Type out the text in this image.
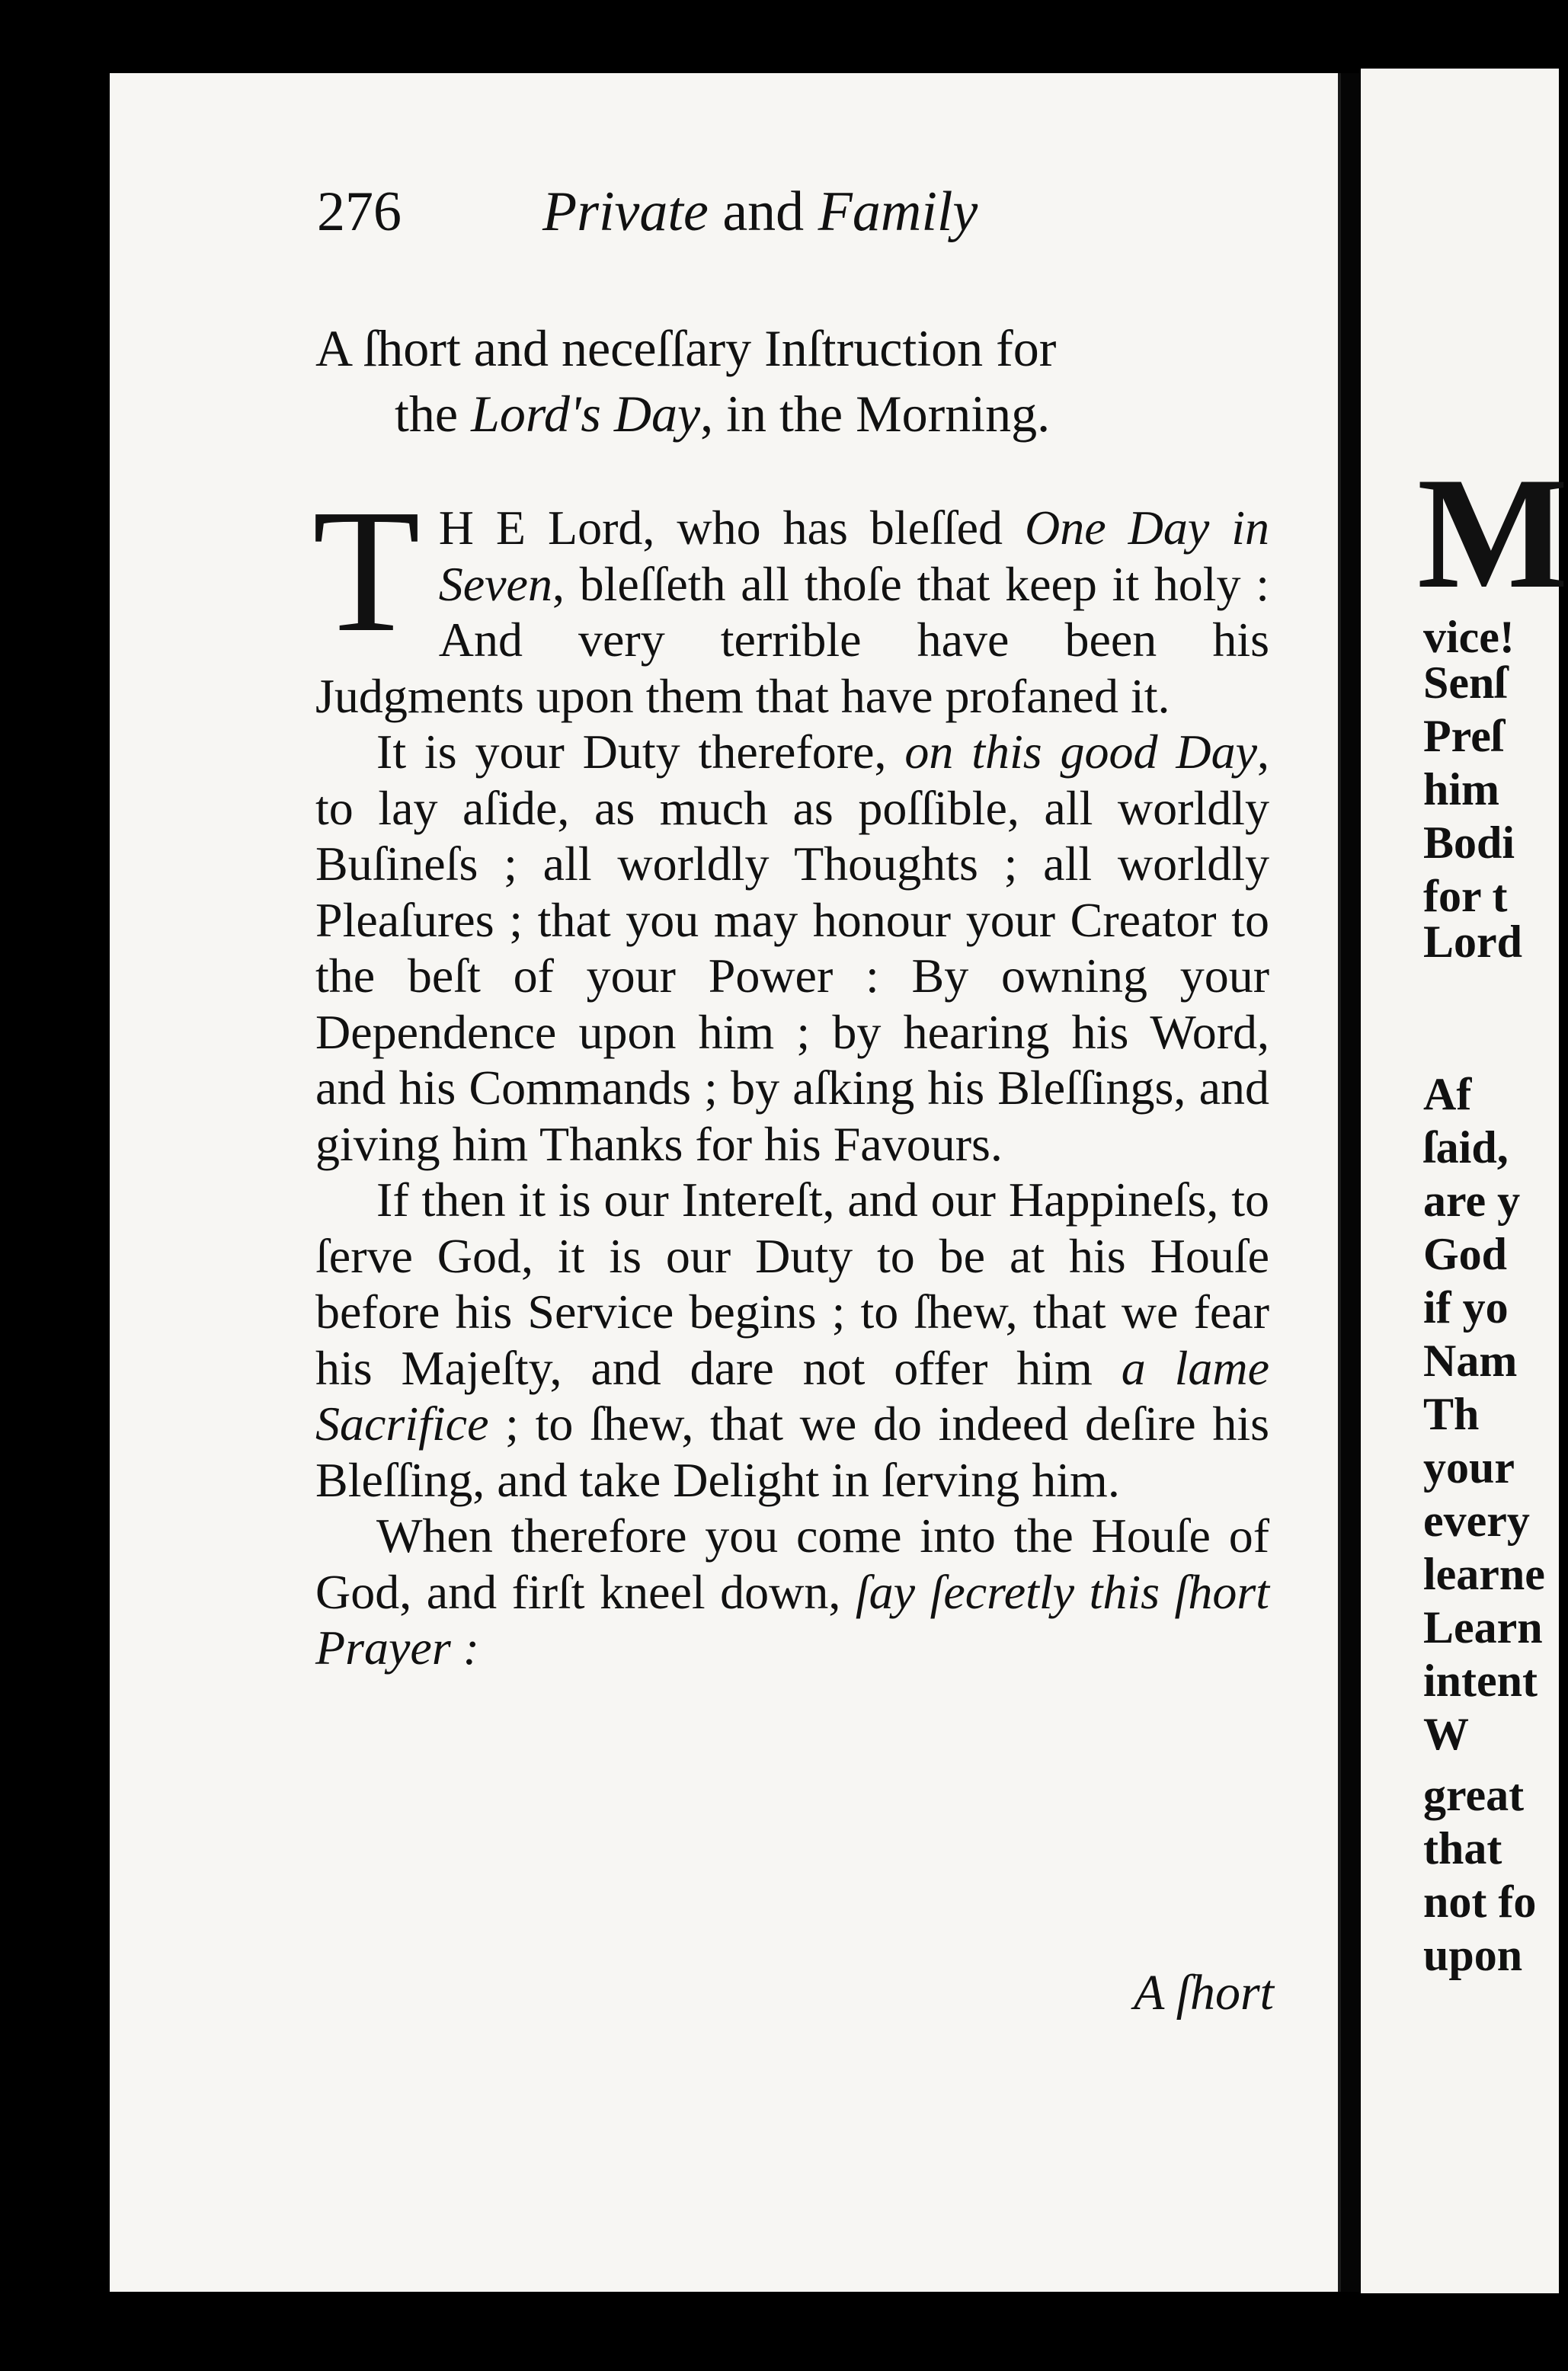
276	Private and Family
A ſhort and neceſſary Inſtruction for
the Lord's Day, in the Morning.

T H E Lord, who has bleſſed One Day in Seven, bleſſeth all thoſe that keep it holy : And very terrible have been his Judgments upon them that have profaned it.

It is your Duty therefore, on this good Day, to lay aſide, as much as poſſible, all worldly Buſineſs ; all worldly Thoughts ; all worldly Pleaſures ; that you may honour your Creator to the beſt of your Power : By owning your Dependence upon him ; by hearing his Word, and his Commands ; by aſking his Bleſſings, and giving him Thanks for his Favours.

If then it is our Intereſt, and our Happineſs, to ſerve God, it is our Duty to be at his Houſe before his Service begins ; to ſhew, that we fear his Majeſty, and dare not offer him a lame Sacrifice ; to ſhew, that we do indeed deſire his Bleſſing, and take Delight in ſerving him.

When therefore you come into the Houſe of God, and firſt kneel down, ſay ſecretly this ſhort Prayer :

A ſhort
M
vice!
Senſ
Preſ
him
Bodi
for t
Lord
Af
ſaid,
are y
God
if yo
Nam
Th
your
every
learne
Learn
intent
W
great
that
not fo
upon
